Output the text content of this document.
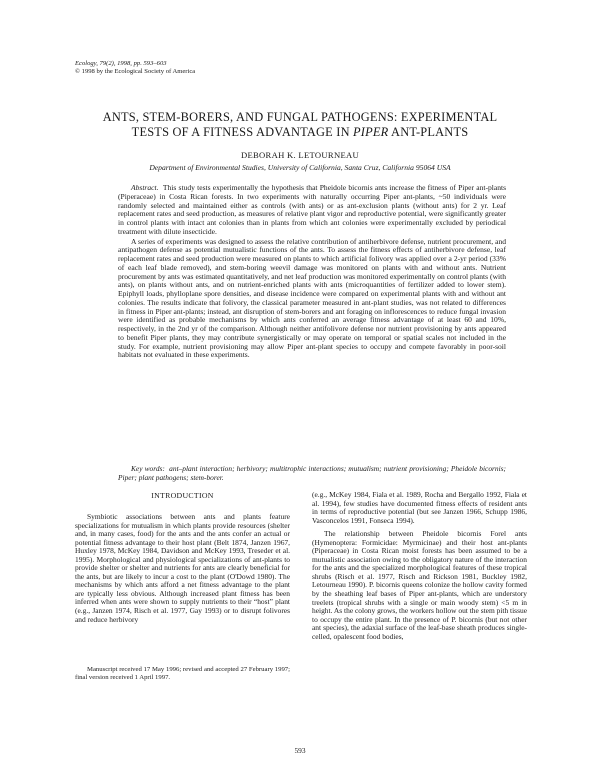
Ecology, 79(2), 1998, pp. 593–603
© 1998 by the Ecological Society of America
ANTS, STEM-BORERS, AND FUNGAL PATHOGENS: EXPERIMENTAL
TESTS OF A FITNESS ADVANTAGE IN PIPER ANT-PLANTS
DEBORAH K. LETOURNEAU
Department of Environmental Studies, University of California, Santa Cruz, California 95064 USA

Abstract. This study tests experimentally the hypothesis that Pheidole bicornis ants increase the fitness of Piper ant-plants (Piperaceae) in Costa Rican forests. In two experiments with naturally occurring Piper ant-plants, ~50 individuals were randomly selected and maintained either as controls (with ants) or as ant-exclusion plants (without ants) for 2 yr. Leaf replacement rates and seed production, as measures of relative plant vigor and reproductive potential, were significantly greater in control plants with intact ant colonies than in plants from which ant colonies were experimentally excluded by periodical treatment with dilute insecticide.

A series of experiments was designed to assess the relative contribution of antiherbivore defense, nutrient procurement, and antipathogen defense as potential mutualistic functions of the ants. To assess the fitness effects of antiherbivore defense, leaf replacement rates and seed production were measured on plants to which artificial folivory was applied over a 2-yr period (33% of each leaf blade removed), and stem-boring weevil damage was monitored on plants with and without ants. Nutrient procurement by ants was estimated quantitatively, and net leaf production was monitored experimentally on control plants (with ants), on plants without ants, and on nutrient-enriched plants with ants (microquantities of fertilizer added to lower stem). Epiphyll loads, phylloplane spore densities, and disease incidence were compared on experimental plants with and without ant colonies. The results indicate that folivory, the classical parameter measured in ant-plant studies, was not related to differences in fitness in Piper ant-plants; instead, ant disruption of stem-borers and ant foraging on inflorescences to reduce fungal invasion were identified as probable mechanisms by which ants conferred an average fitness advantage of at least 60 and 10%, respectively, in the 2nd yr of the comparison. Although neither antifolivore defense nor nutrient provisioning by ants appeared to benefit Piper plants, they may contribute synergistically or may operate on temporal or spatial scales not included in the study. For example, nutrient provisioning may allow Piper ant-plant species to occupy and compete favorably in poor-soil habitats not evaluated in these experiments.

Key words: ant–plant interaction; herbivory; multitrophic interactions; mutualism; nutrient provisioning; Pheidole bicornis; Piper; plant pathogens; stem-borer.
INTRODUCTION

Symbiotic associations between ants and plants feature specializations for mutualism in which plants provide resources (shelter and, in many cases, food) for the ants and the ants confer an actual or potential fitness advantage to their host plant (Belt 1874, Janzen 1967, Huxley 1978, McKey 1984, Davidson and McKey 1993, Treseder et al. 1995). Morphological and physiological specializations of ant-plants to provide shelter or shelter and nutrients for ants are clearly beneficial for the ants, but are likely to incur a cost to the plant (O'Dowd 1980). The mechanisms by which ants afford a net fitness advantage to the plant are typically less obvious. Although increased plant fitness has been inferred when ants were shown to supply nutrients to their “host” plant (e.g., Janzen 1974, Risch et al. 1977, Gay 1993) or to disrupt folivores and reduce herbivory

(e.g., McKey 1984, Fiala et al. 1989, Rocha and Bergallo 1992, Fiala et al. 1994), few studies have documented fitness effects of resident ants in terms of reproductive potential (but see Janzen 1966, Schupp 1986, Vasconcelos 1991, Fonseca 1994).

The relationship between Pheidole bicornis Forel ants (Hymenoptera: Formicidae: Myrmicinae) and their host ant-plants (Piperaceae) in Costa Rican moist forests has been assumed to be a mutualistic association owing to the obligatory nature of the interaction for the ants and the specialized morphological features of these tropical shrubs (Risch et al. 1977, Risch and Rickson 1981, Buckley 1982, Letourneau 1990). P. bicornis queens colonize the hollow cavity formed by the sheathing leaf bases of Piper ant-plants, which are understory treelets (tropical shrubs with a single or main woody stem) <5 m in height. As the colony grows, the workers hollow out the stem pith tissue to occupy the entire plant. In the presence of P. bicornis (but not other ant species), the adaxial surface of the leaf-base sheath produces single-celled, opalescent food bodies,

Manuscript received 17 May 1996; revised and accepted 27 February 1997; final version received 1 April 1997.
593
